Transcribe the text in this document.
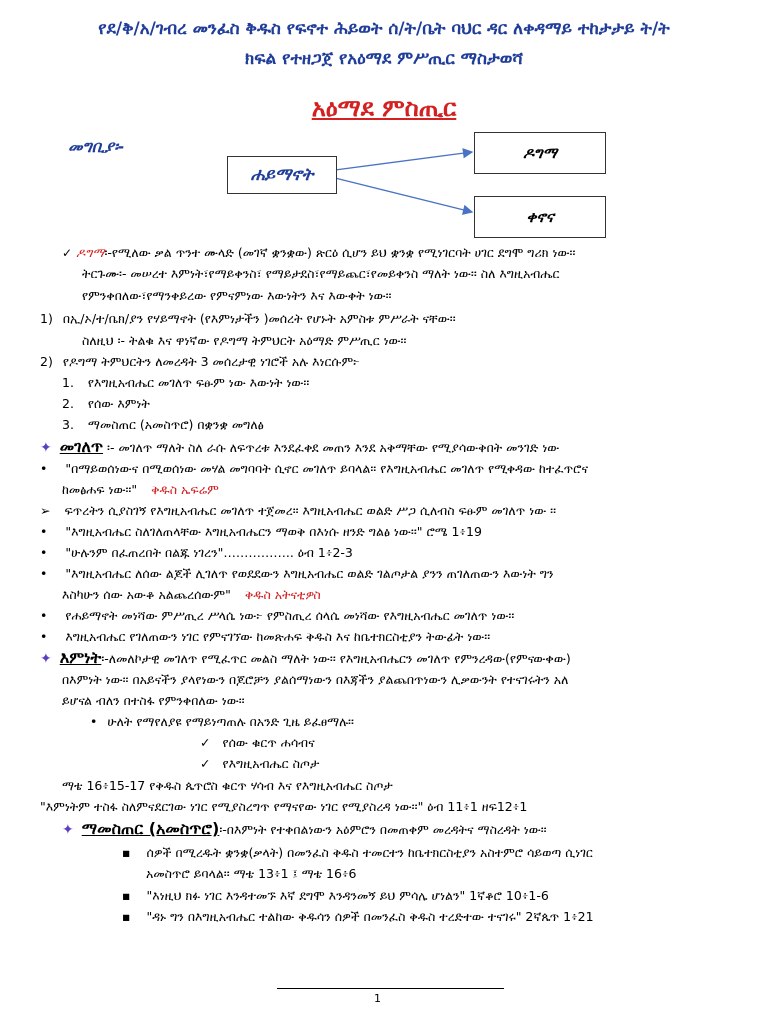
የደ/ቅ/አ/ገብረ መንፈስ ቅዱስ የፍኖተ ሕይወት ሰ/ት/ቤት ባህር ዳር ለቀዳማይ ተከታታይ ት/ት
ክፍል የተዘጋጀ የአዕማደ ምሥጢር ማስታወሻ
አዕማደ ምስጢር
መግቢያ፡-
ሐይማኖት
ዶግማ
ቀኖና
✓ ዶግማ፡-የሚለው ቃል ጥንተ ሙላድ (መገኛ ቋንቋው) ጽርዕ ሲሆን ይህ ቋንቋ የሚነገርባት ሀገር ደግሞ ግሪክ ነው፡፡
ትርጉሙ፡- መሠረተ እምነት፣የማይቀንስ፣ የማይታደስ፣የማይጨር፣የመይቀንስ ማለት ነው፡፡ ስለ እግዚአብሔር
የምንቀበለው፣የማንቀይረው የምናምነው እውነትን እና እውቀት ነው፡፡
1) በኢ/ኦ/ተ/ቤክ/ያን የሃይማኖት (የእምነታችን )መሰረት የሆኑት አምስቱ ምሥራት ናቸው፡፡
ስለዚህ ፡- ትልቁ እና ዋነኛው የዶግማ ትምህርት አዕማድ ምሥጢር ነው፡፡
2) የዶግማ ትምህርትን ለመረዳት 3 መሰረታዊ ነገሮች አሉ እነርሱም፦
1. የእግዚአብሔር መገለጥ ፍፁም ነው እውነት ነው፡፡
2. የሰው እምነት
3. ማመስጠር (አመስጥሮ) በቋንቋ መግለፅ
✦ መገለጥ ፡- መገለጥ ማለት ስለ ራሱ ለፍጥረቱ እንደፈቀደ መጠን እንደ አቅማቸው የሚያሳውቅበት መንገድ ነው
• "በማይወሰነውና በሚወሰነው መሃል መግባባት ሲኖር መገለጥ ይባላል፡፡ የእግዚአብሔር መገለጥ የሚቀዳው ከተፈጥሮና
ከመፅሐፍ ነው፡፡" ቅዱስ ኤፍሬም
➢ ፍጥረትን ሲያስገኝ የእግዚአብሔር መገለጥ ተጀመረ፡፡ እግዚአብሔር ወልድ ሥጋ ሲለብስ ፍፁም መገለጥ ነው ፡፡
• "እግዚአብሔር ስለገለጠላቸው እግዚአብሔርን ማወቅ በእነሱ ዘንድ ግልፅ ነው፡፡" ሮሜ 1፥19
• "ሁሉንም በፈጠረበት በልጁ ነገረን"…………….. ዕብ 1፥2-3
• "እግዚአብሔር ለሰው ልጆች ሊገለጥ የወደደውን እግዚአብሔር ወልድ ገልጦታል ያንን ጠገለጠውን እውነት ግን
እስካሁን ሰው አውቆ አልጨረሰውም" ቅዱስ አትናቲዎስ
• የሐይማኖት መነሻው ምሥጢረ ሥላሴ ነው፦ የምስጢረ ሰላሴ መነሻው የእግዚአብሔር መገለጥ ነው፡፡
• እግዚአብሔር የገለጠውን ነገር የምናገኘው ከመጽሐፍ ቅዱስ እና ከቤተክርስቲያን ትውፊት ነው፡፡
✦ እምነት፡-ለመለኮታዊ መገለጥ የሚፈጥር መልስ ማለት ነው፡፡ የእግዚአብሔርን መገለጥ የምንረዳው(የምናውቀው)
በእምነት ነው፡፡ በአይናችን ያላየነውን በጆሮቻን ያልሰማነውን በእጃችን ያልጨበጥነውን ሊቃውንት የተናገሩትን አለ
ይሆናል ብለን በተስፋ የምንቀበለው ነው፡፡
• ሁለት የማየለያዩ የማይነጣጠሉ በአንድ ጊዜ ይፈፀማሉ፡፡
✓ የሰው ቁርጥ ሐሳብና
✓ የእግዚአብሔር ስጦታ
ማቴ 16፥15-17 የቅዱስ ጴጥሮስ ቁርጥ ሃሳብ እና የእግዚአብሔር ስጦታ
"እምነትም ተስፋ ስለምናደርገው ነገር የሚያስረግጥ የማናየው ነገር የሚያስረዳ ነው፡፡" ዕብ 11፥1 ዘፍ12፥1
✦ ማመስጠር (አመስጥሮ)፡-በእምነት የተቀበልነውን አዕምሮን በመጠቀም መረዳትና ማስረዳት ነው፡፡
▪ ሰዎች በሚረዱት ቋንቋ(ቃላት) በመንፈስ ቅዱስ ተመርተን ከቤተክርስቲያን አስተምሮ ሳይወጣ ሲነገር
አመስጥሮ ይባላል፡፡ ማቴ 13፥1 ፤ ማቴ 16፥6
▪ "እነዚህ ክፉ ነገር እንዳተመኙ እኛ ደግሞ እንዳንመኝ ይህ ምሳሌ ሆነልን" 1ኛቆሮ 10፥1-6
▪ "ዳኑ ግን በእግዚአብሔር ተልከው ቅዱሳን ሰዎች በመንፈስ ቅዱስ ተረድተው ተናገሩ" 2ኛጴጥ 1፥21
1
